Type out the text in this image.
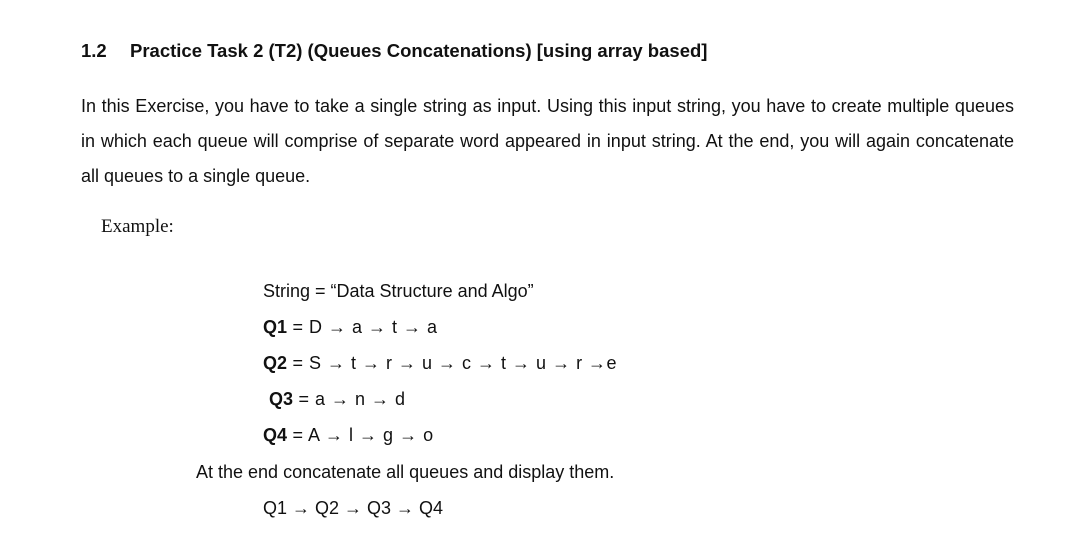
1.2 Practice Task 2 (T2) (Queues Concatenations) [using array based]
In this Exercise, you have to take a single string as input. Using this input string, you have to create multiple queues in which each queue will comprise of separate word appeared in input string. At the end, you will again concatenate all queues to a single queue.
Example:
String = “Data Structure and Algo”
Q1 = D → a → t → a
Q2 = S → t → r → u → c → t → u → r →e
Q3 = a → n → d
Q4 = A → l → g → o
At the end concatenate all queues and display them.
Q1 → Q2 → Q3 → Q4
